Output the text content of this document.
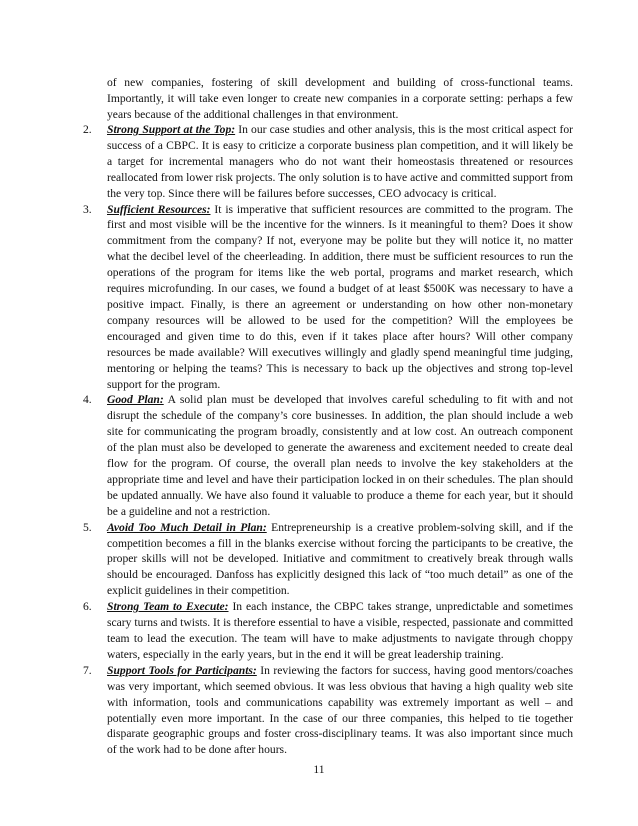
of new companies, fostering of skill development and building of cross-functional teams. Importantly, it will take even longer to create new companies in a corporate setting: perhaps a few years because of the additional challenges in that environment.

2. Strong Support at the Top: In our case studies and other analysis, this is the most critical aspect for success of a CBPC. It is easy to criticize a corporate business plan competition, and it will likely be a target for incremental managers who do not want their homeostasis threatened or resources reallocated from lower risk projects. The only solution is to have active and committed support from the very top. Since there will be failures before successes, CEO advocacy is critical.
3. Sufficient Resources: It is imperative that sufficient resources are committed to the program. The first and most visible will be the incentive for the winners. Is it meaningful to them? Does it show commitment from the company? If not, everyone may be polite but they will notice it, no matter what the decibel level of the cheerleading. In addition, there must be sufficient resources to run the operations of the program for items like the web portal, programs and market research, which requires microfunding. In our cases, we found a budget of at least $500K was necessary to have a positive impact. Finally, is there an agreement or understanding on how other non-monetary company resources will be allowed to be used for the competition? Will the employees be encouraged and given time to do this, even if it takes place after hours? Will other company resources be made available? Will executives willingly and gladly spend meaningful time judging, mentoring or helping the teams? This is necessary to back up the objectives and strong top-level support for the program.
4. Good Plan: A solid plan must be developed that involves careful scheduling to fit with and not disrupt the schedule of the company’s core businesses. In addition, the plan should include a web site for communicating the program broadly, consistently and at low cost. An outreach component of the plan must also be developed to generate the awareness and excitement needed to create deal flow for the program. Of course, the overall plan needs to involve the key stakeholders at the appropriate time and level and have their participation locked in on their schedules. The plan should be updated annually. We have also found it valuable to produce a theme for each year, but it should be a guideline and not a restriction.
5. Avoid Too Much Detail in Plan: Entrepreneurship is a creative problem-solving skill, and if the competition becomes a fill in the blanks exercise without forcing the participants to be creative, the proper skills will not be developed. Initiative and commitment to creatively break through walls should be encouraged. Danfoss has explicitly designed this lack of “too much detail” as one of the explicit guidelines in their competition.
6. Strong Team to Execute: In each instance, the CBPC takes strange, unpredictable and sometimes scary turns and twists. It is therefore essential to have a visible, respected, passionate and committed team to lead the execution. The team will have to make adjustments to navigate through choppy waters, especially in the early years, but in the end it will be great leadership training.
7. Support Tools for Participants: In reviewing the factors for success, having good mentors/coaches was very important, which seemed obvious. It was less obvious that having a high quality web site with information, tools and communications capability was extremely important as well – and potentially even more important. In the case of our three companies, this helped to tie together disparate geographic groups and foster cross-disciplinary teams. It was also important since much of the work had to be done after hours.

11
